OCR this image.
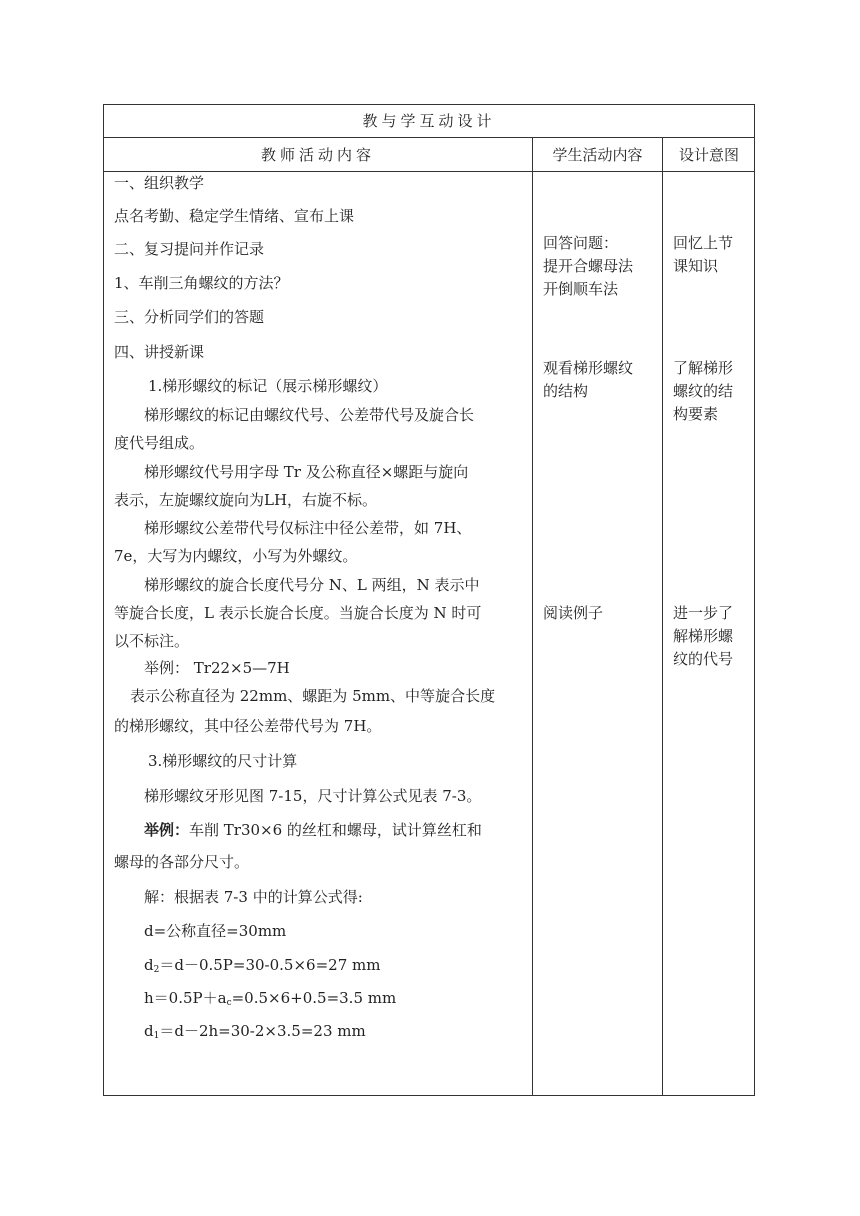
教与学互动设计
教师活动内容	学生活动内容	设计意图
一、组织教学
点名考勤、稳定学生情绪、宣布上课
二、复习提问并作记录
1、车削三角螺纹的方法？
三、分析同学们的答题
四、讲授新课
1.梯形螺纹的标记（展示梯形螺纹）
梯形螺纹的标记由螺纹代号、公差带代号及旋合长
度代号组成。
梯形螺纹代号用字母 Tr 及公称直径×螺距与旋向
表示，左旋螺纹旋向为LH，右旋不标。
梯形螺纹公差带代号仅标注中径公差带，如 7H、
7e，大写为内螺纹，小写为外螺纹。
梯形螺纹的旋合长度代号分 N、L 两组，N 表示中
等旋合长度，L 表示长旋合长度。当旋合长度为 N 时可
以不标注。
举例： Tr22×5—7H
表示公称直径为 22mm、螺距为 5mm、中等旋合长度
的梯形螺纹，其中径公差带代号为 7H。
3.梯形螺纹的尺寸计算
梯形螺纹牙形见图 7-15，尺寸计算公式见表 7-3。
举例：车削 Tr30×6 的丝杠和螺母，试计算丝杠和
螺母的各部分尺寸。
解：根据表 7-3 中的计算公式得:
d=公称直径=30mm
$d_2=d-0.5P=30-0.5\times 6=27$ mm
$h=0.5P+a_c=0.5\times 6+0.5=3.5$ mm
$d_1=d-2h=30-2\times 3.5=23$ mm
回答问题：
提开合螺母法
开倒顺车法
观看梯形螺纹
的结构
阅读例子
回忆上节
课知识
了解梯形
螺纹的结
构要素
进一步了
解梯形螺
纹的代号
